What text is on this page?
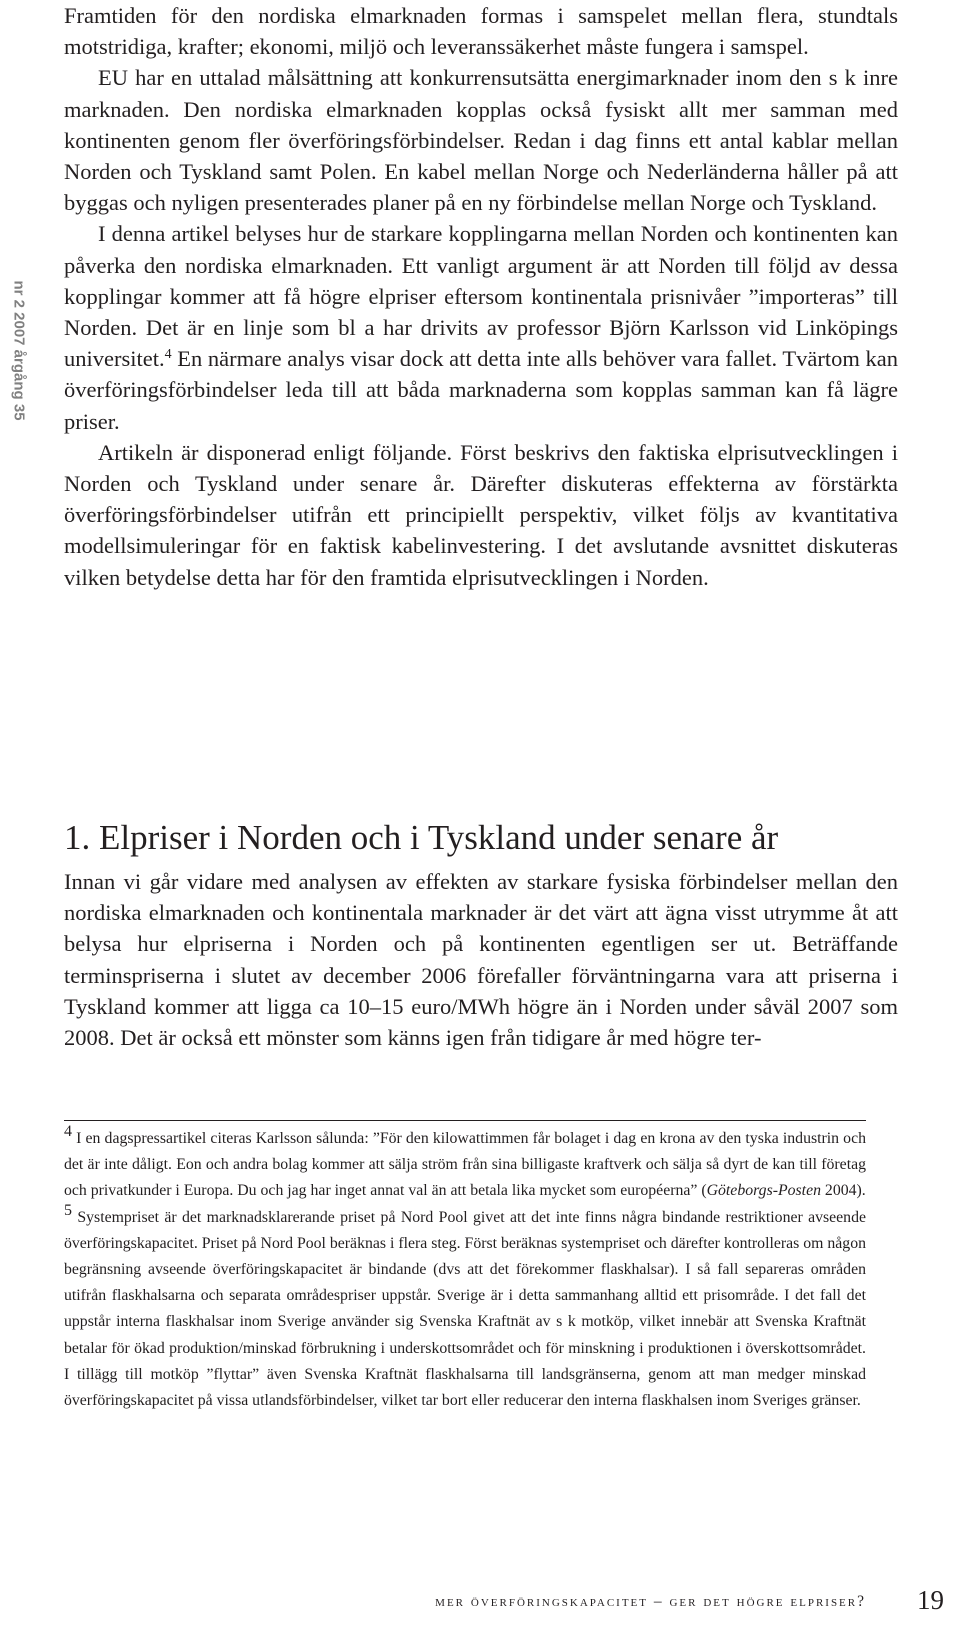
nr 2 2007 årgång 35

Framtiden för den nordiska elmarknaden formas i samspelet mellan flera, stundtals motstridiga, krafter; ekonomi, miljö och leveranssäkerhet måste fungera i samspel.

EU har en uttalad målsättning att konkurrensutsätta energimarknader inom den s k inre marknaden. Den nordiska elmarknaden kopplas också fysiskt allt mer samman med kontinenten genom fler överföringsförbindelser. Redan i dag finns ett antal kablar mellan Norden och Tyskland samt Polen. En kabel mellan Norge och Nederländerna håller på att byggas och nyligen presenterades planer på en ny förbindelse mellan Norge och Tyskland.

I denna artikel belyses hur de starkare kopplingarna mellan Norden och kontinenten kan påverka den nordiska elmarknaden. Ett vanligt argument är att Norden till följd av dessa kopplingar kommer att få högre elpriser eftersom kontinentala prisnivåer ”importeras” till Norden. Det är en linje som bl a har drivits av professor Björn Karlsson vid Linköpings universitet.$^4$ En närmare analys visar dock att detta inte alls behöver vara fallet. Tvärtom kan överföringsförbindelser leda till att båda marknaderna som kopplas samman kan få lägre priser.

Artikeln är disponerad enligt följande. Först beskrivs den faktiska elprisutvecklingen i Norden och Tyskland under senare år. Därefter diskuteras effekterna av förstärkta överföringsförbindelser utifrån ett principiellt perspektiv, vilket följs av kvantitativa modellsimuleringar för en faktisk kabelinvestering. I det avslutande avsnittet diskuteras vilken betydelse detta har för den framtida elprisutvecklingen i Norden.

1. Elpriser i Norden och i Tyskland under senare år

Innan vi går vidare med analysen av effekten av starkare fysiska förbindelser mellan den nordiska elmarknaden och kontinentala marknader är det värt att ägna visst utrymme åt att belysa hur elpriserna i Norden och på kontinenten egentligen ser ut. Beträffande terminspriserna i slutet av december 2006 förefaller förväntningarna vara att priserna i Tyskland kommer att ligga ca 10–15 euro/MWh högre än i Norden under såväl 2007 som 2008. Det är också ett mönster som känns igen från tidigare år med högre ter-

$^4$ I en dagspressartikel citeras Karlsson sålunda: ”För den kilowattimmen får bolaget i dag en krona av den tyska industrin och det är inte dåligt. Eon och andra bolag kommer att sälja ström från sina billigaste kraftverk och sälja så dyrt de kan till företag och privatkunder i Europa. Du och jag har inget annat val än att betala lika mycket som européerna” (Göteborgs-Posten 2004).

$^5$ Systempriset är det marknadsklarerande priset på Nord Pool givet att det inte finns några bindande restriktioner avseende överföringskapacitet. Priset på Nord Pool beräknas i flera steg. Först beräknas systempriset och därefter kontrolleras om någon begränsning avseende överföringskapacitet är bindande (dvs att det förekommer flaskhalsar). I så fall separeras områden utifrån flaskhalsarna och separata områdespriser uppstår. Sverige är i detta sammanhang alltid ett prisområde. I det fall det uppstår interna flaskhalsar inom Sverige använder sig Svenska Kraftnät av s k motköp, vilket innebär att Svenska Kraftnät betalar för ökad produktion/minskad förbrukning i underskottsområdet och för minskning i produktionen i överskottsområdet. I tillägg till motköp ”flyttar” även Svenska Kraftnät flaskhalsarna till landsgränserna, genom att man medger minskad överföringskapacitet på vissa utlandsförbindelser, vilket tar bort eller reducerar den interna flaskhalsen inom Sveriges gränser.

mer överföringskapacitet – ger det högre elpriser? 19
